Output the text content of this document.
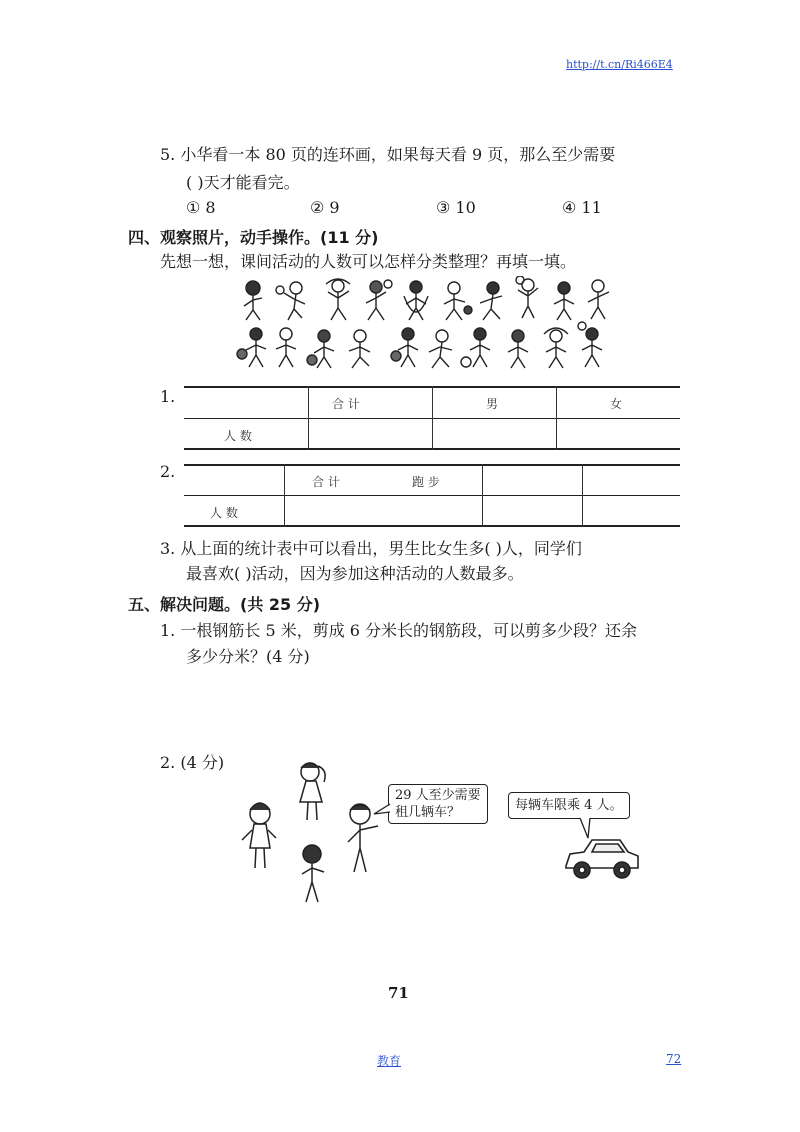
http://t.cn/Ri466E4
5. 小华看一本 80 页的连环画，如果每天看 9 页，那么至少需要
( )天才能看完。
① 8	② 9	③ 10	④ 11
四、观察照片，动手操作。(11 分)
先想一想，课间活动的人数可以怎样分类整理？再填一填。
1.	合 计	男	女
人 数
2.
合 计	跑 步
人 数
3. 从上面的统计表中可以看出，男生比女生多( )人，同学们
最喜欢( )活动，因为参加这种活动的人数最多。
五、解决问题。(共 25 分)
1. 一根钢筋长 5 米，剪成 6 分米长的钢筋段，可以剪多少段？还余
多少分米？(4 分)
2. (4 分)
29 人至少需要
租几辆车？	每辆车限乘 4 人。
71
教育	72
